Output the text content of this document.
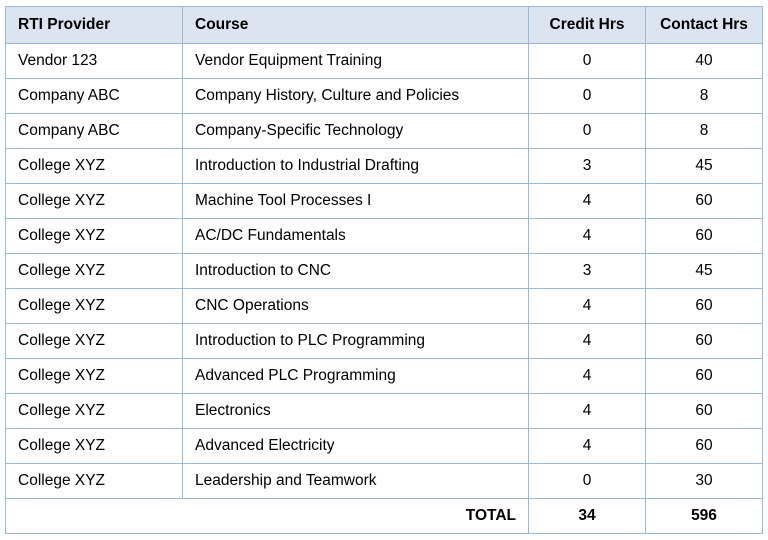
RTI Provider	Course	Credit Hrs	Contact Hrs
Vendor 123	Vendor Equipment Training	0	40
Company ABC	Company History, Culture and Policies	0	8
Company ABC	Company-Specific Technology	0	8
College XYZ	Introduction to Industrial Drafting	3	45
College XYZ	Machine Tool Processes I	4	60
College XYZ	AC/DC Fundamentals	4	60
College XYZ	Introduction to CNC	3	45
College XYZ	CNC Operations	4	60
College XYZ	Introduction to PLC Programming	4	60
College XYZ	Advanced PLC Programming	4	60
College XYZ	Electronics	4	60
College XYZ	Advanced Electricity	4	60
College XYZ	Leadership and Teamwork	0	30
TOTAL		34	596
